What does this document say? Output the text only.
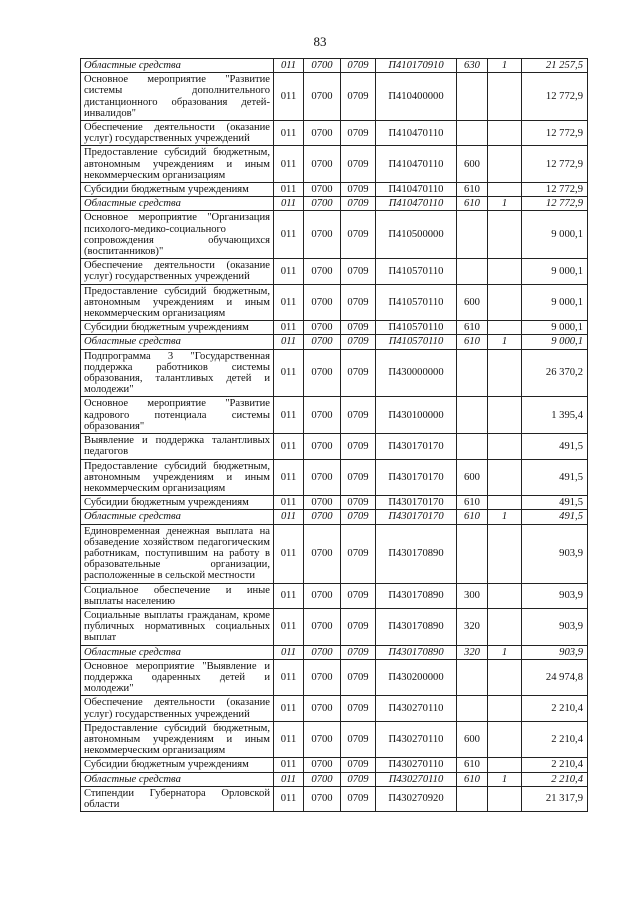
83
Областные средства	011	0700	0709	П410170910	630	1	21 257,5
Основное мероприятие "Развитие системы дополнительного дистанционного образования детей-инвалидов"	011	0700	0709	П410400000			12 772,9
Обеспечение деятельности (оказание услуг) государственных учреждений	011	0700	0709	П410470110			12 772,9
Предоставление субсидий бюджетным, автономным учреждениям и иным некоммерческим организациям	011	0700	0709	П410470110	600		12 772,9
Субсидии бюджетным учреждениям	011	0700	0709	П410470110	610		12 772,9
Областные средства	011	0700	0709	П410470110	610	1	12 772,9
Основное мероприятие "Организация психолого-медико-социального сопровождения обучающихся (воспитанников)"	011	0700	0709	П410500000			9 000,1
Обеспечение деятельности (оказание услуг) государственных учреждений	011	0700	0709	П410570110			9 000,1
Предоставление субсидий бюджетным, автономным учреждениям и иным некоммерческим организациям	011	0700	0709	П410570110	600		9 000,1
Субсидии бюджетным учреждениям	011	0700	0709	П410570110	610		9 000,1
Областные средства	011	0700	0709	П410570110	610	1	9 000,1
Подпрограмма 3 "Государственная поддержка работников системы образования, талантливых детей и молодежи"	011	0700	0709	П430000000			26 370,2
Основное мероприятие "Развитие кадрового потенциала системы образования"	011	0700	0709	П430100000			1 395,4
Выявление и поддержка талантливых педагогов	011	0700	0709	П430170170			491,5
Предоставление субсидий бюджетным, автономным учреждениям и иным некоммерческим организациям	011	0700	0709	П430170170	600		491,5
Субсидии бюджетным учреждениям	011	0700	0709	П430170170	610		491,5
Областные средства	011	0700	0709	П430170170	610	1	491,5
Единовременная денежная выплата на обзаведение хозяйством педагогическим работникам, поступившим на работу в образовательные организации, расположенные в сельской местности	011	0700	0709	П430170890			903,9
Социальное обеспечение и иные выплаты населению	011	0700	0709	П430170890	300		903,9
Социальные выплаты гражданам, кроме публичных нормативных социальных выплат	011	0700	0709	П430170890	320		903,9
Областные средства	011	0700	0709	П430170890	320	1	903,9
Основное мероприятие "Выявление и поддержка одаренных детей и молодежи"	011	0700	0709	П430200000			24 974,8
Обеспечение деятельности (оказание услуг) государственных учреждений	011	0700	0709	П430270110			2 210,4
Предоставление субсидий бюджетным, автономным учреждениям и иным некоммерческим организациям	011	0700	0709	П430270110	600		2 210,4
Субсидии бюджетным учреждениям	011	0700	0709	П430270110	610		2 210,4
Областные средства	011	0700	0709	П430270110	610	1	2 210,4
Стипендии Губернатора Орловской области	011	0700	0709	П430270920			21 317,9
